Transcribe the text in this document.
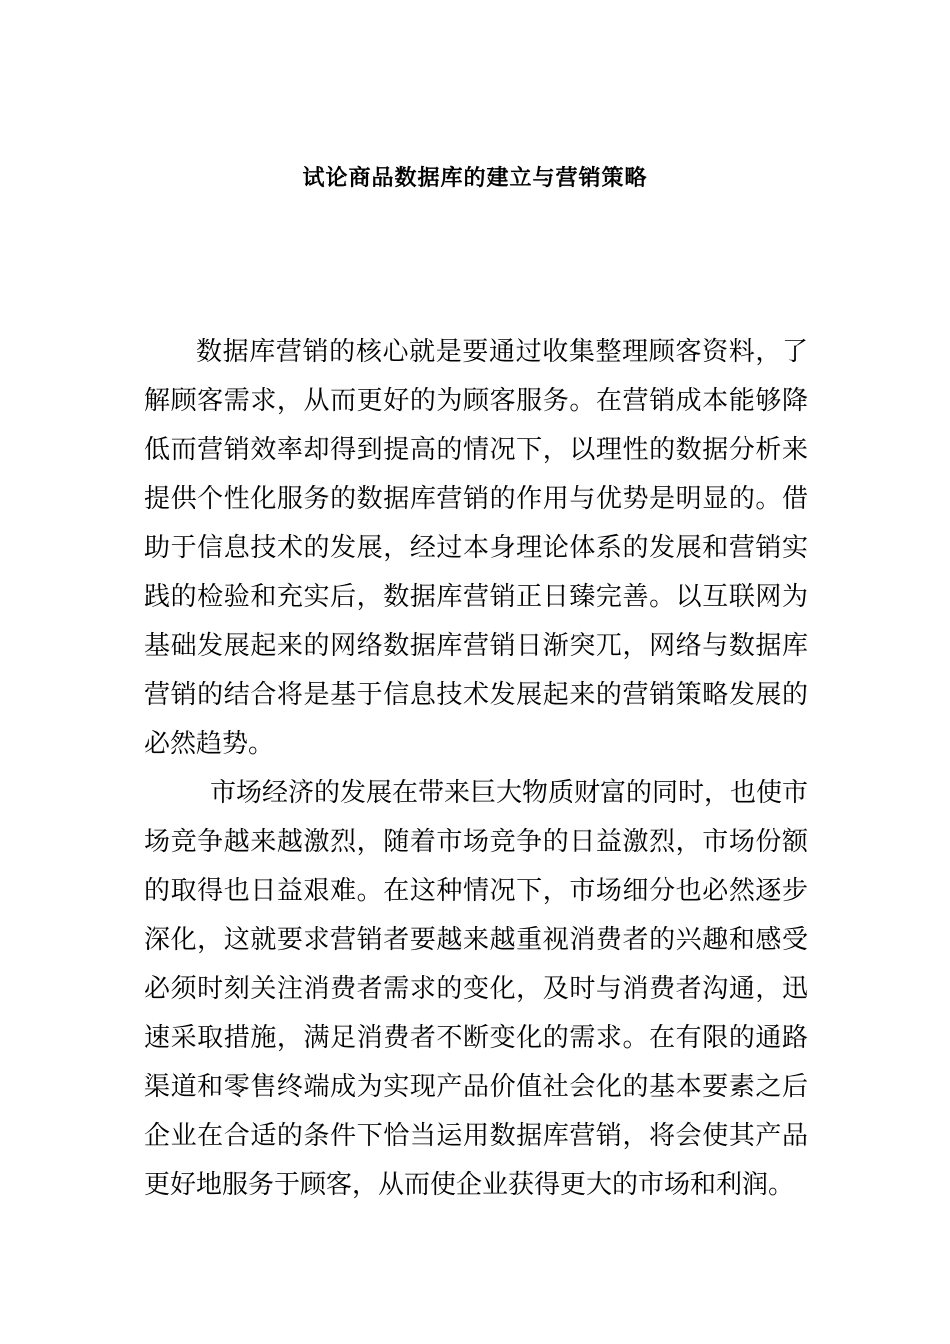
试论商品数据库的建立与营销策略

数据库营销的核心就是要通过收集整理顾客资料，了解顾客需求，从而更好的为顾客服务。在营销成本能够降低而营销效率却得到提高的情况下，以理性的数据分析来提供个性化服务的数据库营销的作用与优势是明显的。借助于信息技术的发展，经过本身理论体系的发展和营销实践的检验和充实后，数据库营销正日臻完善。以互联网为基础发展起来的网络数据库营销日渐突兀，网络与数据库营销的结合将是基于信息技术发展起来的营销策略发展的必然趋势。

市场经济的发展在带来巨大物质财富的同时，也使市场竞争越来越激烈，随着市场竞争的日益激烈，市场份额的取得也日益艰难。在这种情况下，市场细分也必然逐步深化，这就要求营销者要越来越重视消费者的兴趣和感受必须时刻关注消费者需求的变化，及时与消费者沟通，迅速采取措施，满足消费者不断变化的需求。在有限的通路渠道和零售终端成为实现产品价值社会化的基本要素之后企业在合适的条件下恰当运用数据库营销，将会使其产品更好地服务于顾客，从而使企业获得更大的市场和利润。
